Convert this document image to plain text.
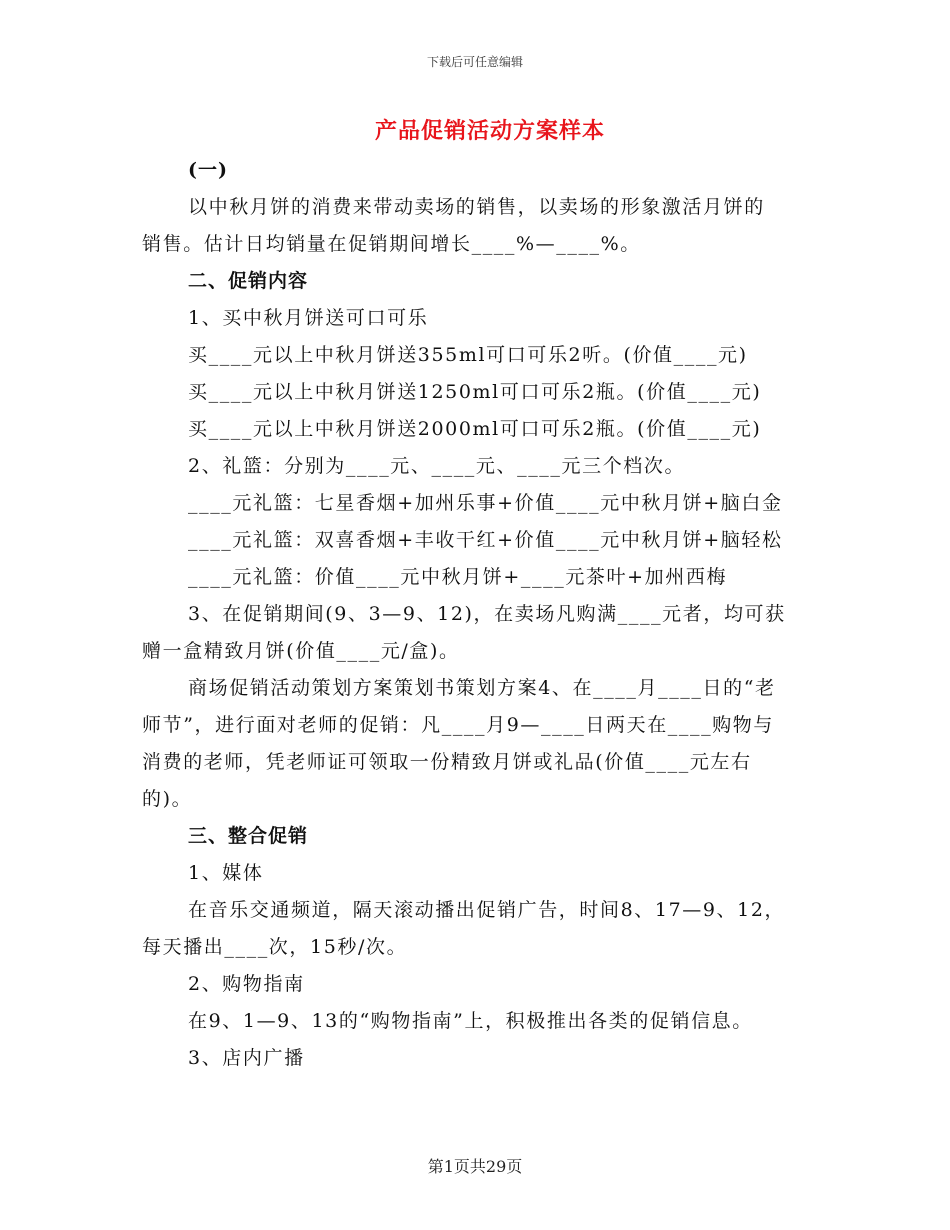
下载后可任意编辑
产品促销活动方案样本
(一)
以中秋月饼的消费来带动卖场的销售，以卖场的形象激活月饼的
销售。估计日均销量在促销期间增长____%—____%。
二、促销内容
1、买中秋月饼送可口可乐
买____元以上中秋月饼送355ml可口可乐2听。(价值____元)
买____元以上中秋月饼送1250ml可口可乐2瓶。(价值____元)
买____元以上中秋月饼送2000ml可口可乐2瓶。(价值____元)
2、礼篮：分别为____元、____元、____元三个档次。
____元礼篮：七星香烟+加州乐事+价值____元中秋月饼+脑白金
____元礼篮：双喜香烟+丰收干红+价值____元中秋月饼+脑轻松
____元礼篮：价值____元中秋月饼+____元茶叶+加州西梅
3、在促销期间(9、3—9、12)，在卖场凡购满____元者，均可获
赠一盒精致月饼(价值____元/盒)。
商场促销活动策划方案策划书策划方案4、在____月____日的“老
师节”，进行面对老师的促销：凡____月9—____日两天在____购物与
消费的老师，凭老师证可领取一份精致月饼或礼品(价值____元左右
的)。
三、整合促销
1、媒体
在音乐交通频道，隔天滚动播出促销广告，时间8、17—9、12，
每天播出____次，15秒/次。
2、购物指南
在9、1—9、13的“购物指南”上，积极推出各类的促销信息。
3、店内广播
第1页共29页
